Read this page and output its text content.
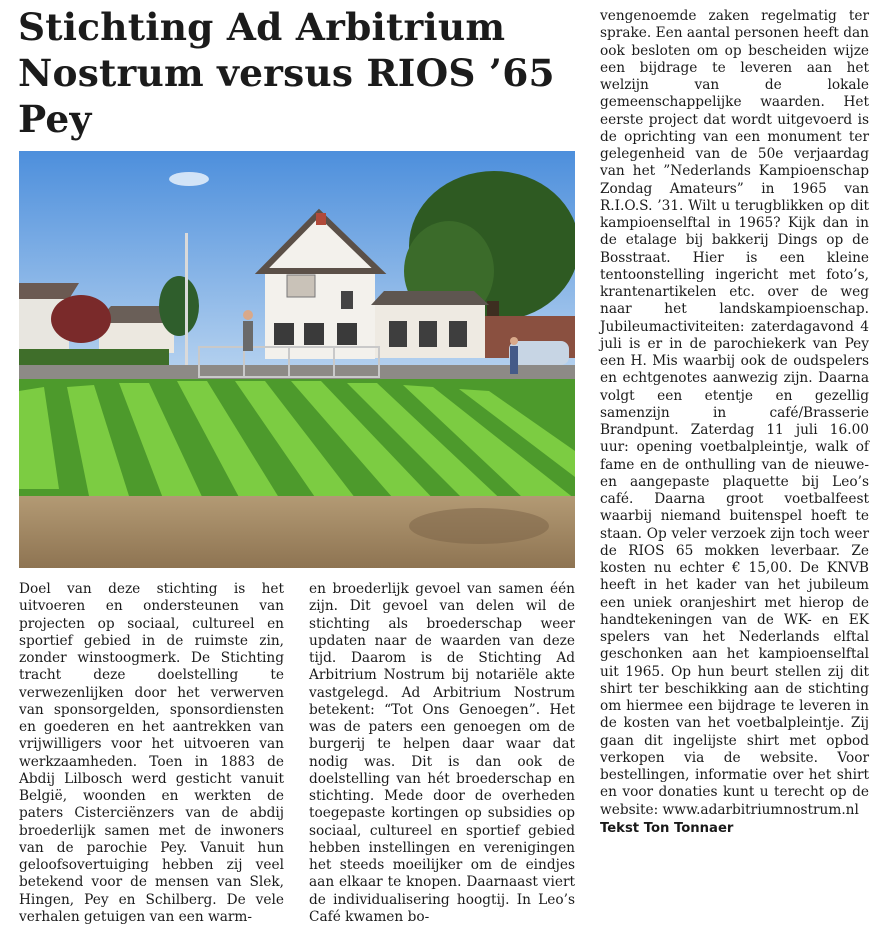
Stichting Ad Arbitrium Nostrum versus RIOS ’65 Pey

Doel van deze stichting is het uitvoeren en ondersteunen van projecten op sociaal, cultureel en sportief gebied in de ruimste zin, zonder winstoogmerk. De Stichting tracht deze doelstelling te verwezenlijken door het verwerven van sponsorgelden, sponsordiensten en goederen en het aantrekken van vrijwilligers voor het uitvoeren van werkzaamheden. Toen in 1883 de Abdij Lilbosch werd gesticht vanuit België, woonden en werkten de paters Cisterciënzers van de abdij broederlijk samen met de inwoners van de parochie Pey. Vanuit hun geloofsovertuiging hebben zij veel betekend voor de mensen van Slek, Hingen, Pey en Schilberg. De vele verhalen getuigen van een warm-

en broederlijk gevoel van samen één zijn. Dit gevoel van delen wil de stichting als broederschap weer updaten naar de waarden van deze tijd. Daarom is de Stichting Ad Arbitrium Nostrum bij notariële akte vastgelegd. Ad Arbitrium Nostrum betekent: “Tot Ons Genoegen”. Het was de paters een genoegen om de burgerij te helpen daar waar dat nodig was. Dit is dan ook de doelstelling van hét broederschap en stichting. Mede door de overheden toegepaste kortingen op subsidies op sociaal, cultureel en sportief gebied hebben instellingen en verenigingen het steeds moeilijker om de eindjes aan elkaar te knopen. Daarnaast viert de individualisering hoogtij. In Leo’s Café kwamen bo-

vengenoemde zaken regelmatig ter sprake. Een aantal personen heeft dan ook besloten om op bescheiden wijze een bijdrage te leveren aan het welzijn van de lokale gemeenschappelijke waarden. Het eerste project dat wordt uitgevoerd is de oprichting van een monument ter gelegenheid van de 50e verjaardag van het ”Nederlands Kampioenschap Zondag Amateurs” in 1965 van R.I.O.S. ’31. Wilt u terugblikken op dit kampioenselftal in 1965? Kijk dan in de etalage bij bakkerij Dings op de Bosstraat. Hier is een kleine tentoonstelling ingericht met foto’s, krantenartikelen etc. over de weg naar het landskampioenschap. Jubileumactiviteiten: zaterdagavond 4 juli is er in de parochiekerk van Pey een H. Mis waarbij ook de oudspelers en echtgenotes aanwezig zijn. Daarna volgt een etentje en gezellig samenzijn in café/Brasserie Brandpunt. Zaterdag 11 juli 16.00 uur: opening voetbalpleintje, walk of fame en de onthulling van de nieuwe- en aangepaste plaquette bij Leo’s café. Daarna groot voetbalfeest waarbij niemand buitenspel hoeft te staan. Op veler verzoek zijn toch weer de RIOS 65 mokken leverbaar. Ze kosten nu echter € 15,00. De KNVB heeft in het kader van het jubileum een uniek oranjeshirt met hierop de handtekeningen van de WK- en EK spelers van het Nederlands elftal geschonken aan het kampioenselftal uit 1965. Op hun beurt stellen zij dit shirt ter beschikking aan de stichting om hiermee een bijdrage te leveren in de kosten van het voetbalpleintje. Zij gaan dit ingelijste shirt met opbod verkopen via de website. Voor bestellingen, informatie over het shirt en voor donaties kunt u terecht op de website: www.adarbitriumnostrum.nl

Tekst Ton Tonnaer
